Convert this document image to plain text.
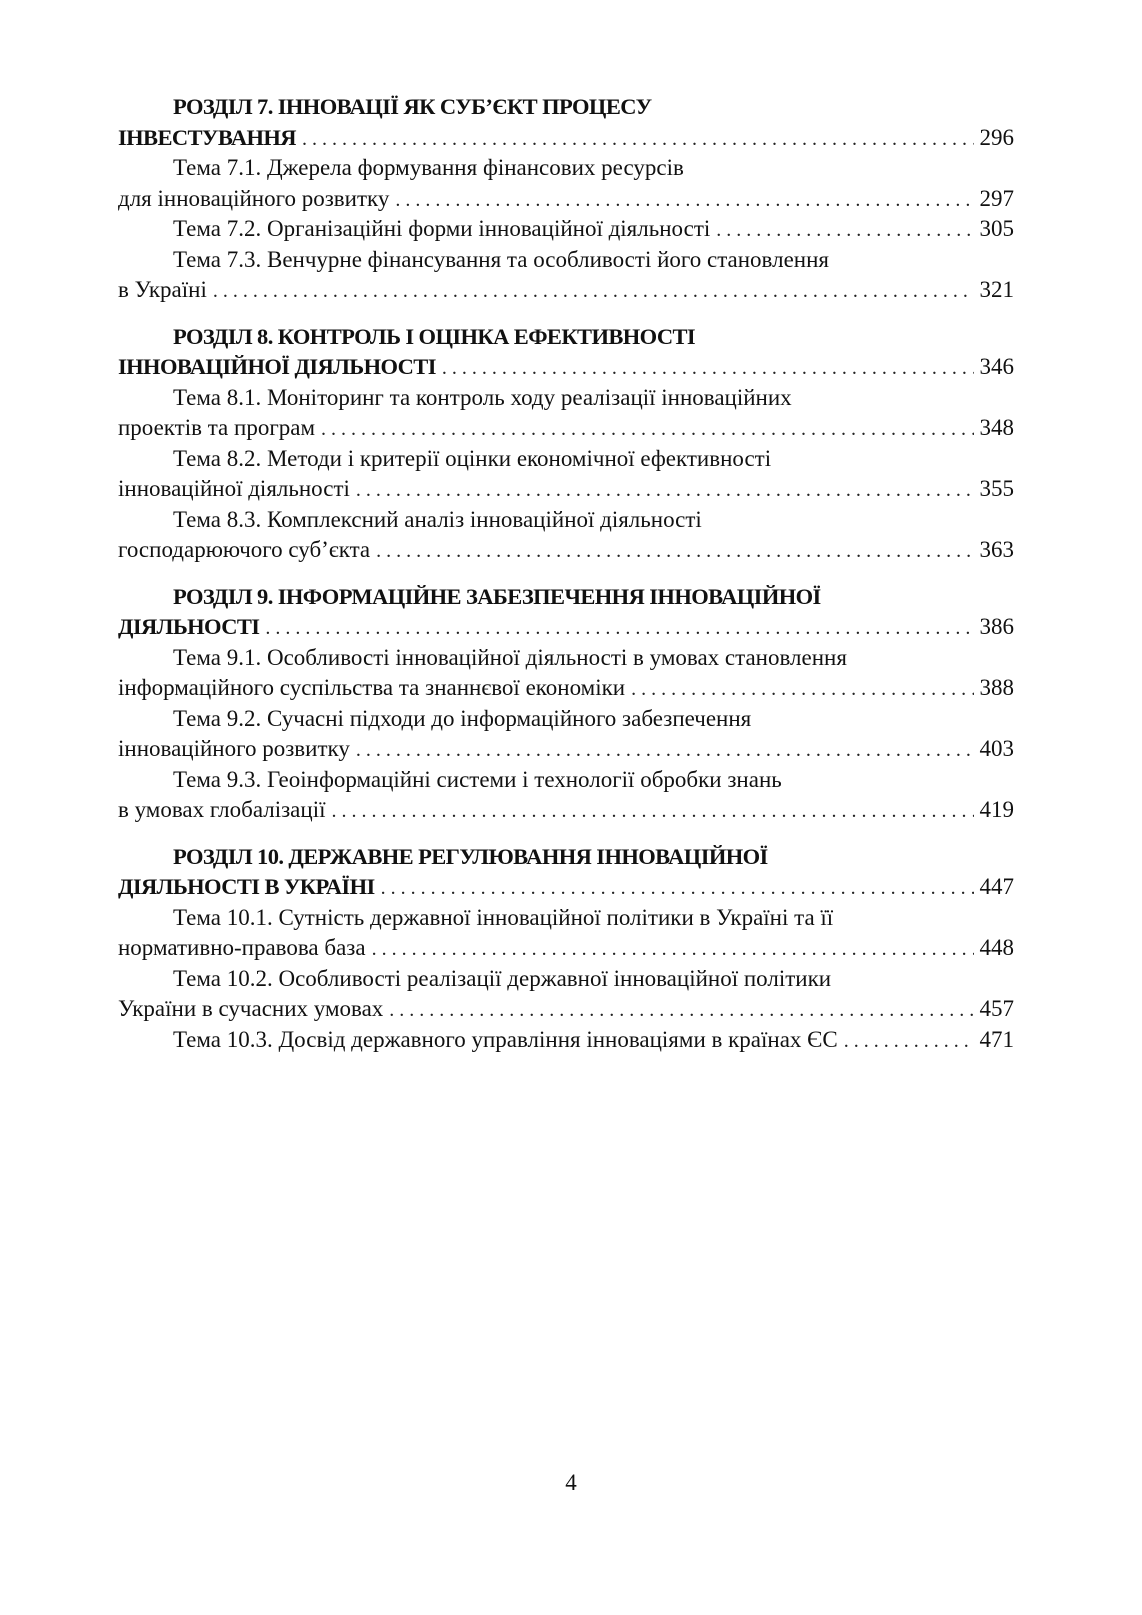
РОЗДІЛ 7. ІННОВАЦІЇ ЯК СУБ’ЄКТ ПРОЦЕСУ
ІНВЕСТУВАННЯ . . .	296
Тема 7.1. Джерела формування фінансових ресурсів
для інноваційного розвитку . . .	297
Тема 7.2. Організаційні форми інноваційної діяльності . . .	305
Тема 7.3. Венчурне фінансування та особливості його становлення
в Україні . . .	321
РОЗДІЛ 8. КОНТРОЛЬ І ОЦІНКА ЕФЕКТИВНОСТІ
ІННОВАЦІЙНОЇ ДІЯЛЬНОСТІ . . .	346
Тема 8.1. Моніторинг та контроль ходу реалізації інноваційних
проектів та програм . . .	348
Тема 8.2. Методи і критерії оцінки економічної ефективності
інноваційної діяльності . . .	355
Тема 8.3. Комплексний аналіз інноваційної діяльності
господарюючого суб’єкта . . .	363
РОЗДІЛ 9. ІНФОРМАЦІЙНЕ ЗАБЕЗПЕЧЕННЯ ІННОВАЦІЙНОЇ
ДІЯЛЬНОСТІ . . .	386
Тема 9.1. Особливості інноваційної діяльності в умовах становлення
інформаційного суспільства та знаннєвої економіки . . .	388
Тема 9.2. Сучасні підходи до інформаційного забезпечення
інноваційного розвитку . . .	403
Тема 9.3. Геоінформаційні системи і технології обробки знань
в умовах глобалізації . . .	419
РОЗДІЛ 10. ДЕРЖАВНЕ РЕГУЛЮВАННЯ ІННОВАЦІЙНОЇ
ДІЯЛЬНОСТІ В УКРАЇНІ . . .	447
Тема 10.1. Сутність державної інноваційної політики в Україні та її
нормативно-правова база . . .	448
Тема 10.2. Особливості реалізації державної інноваційної політики
України в сучасних умовах . . .	457
Тема 10.3. Досвід державного управління інноваціями в країнах ЄС . . .	471
4
